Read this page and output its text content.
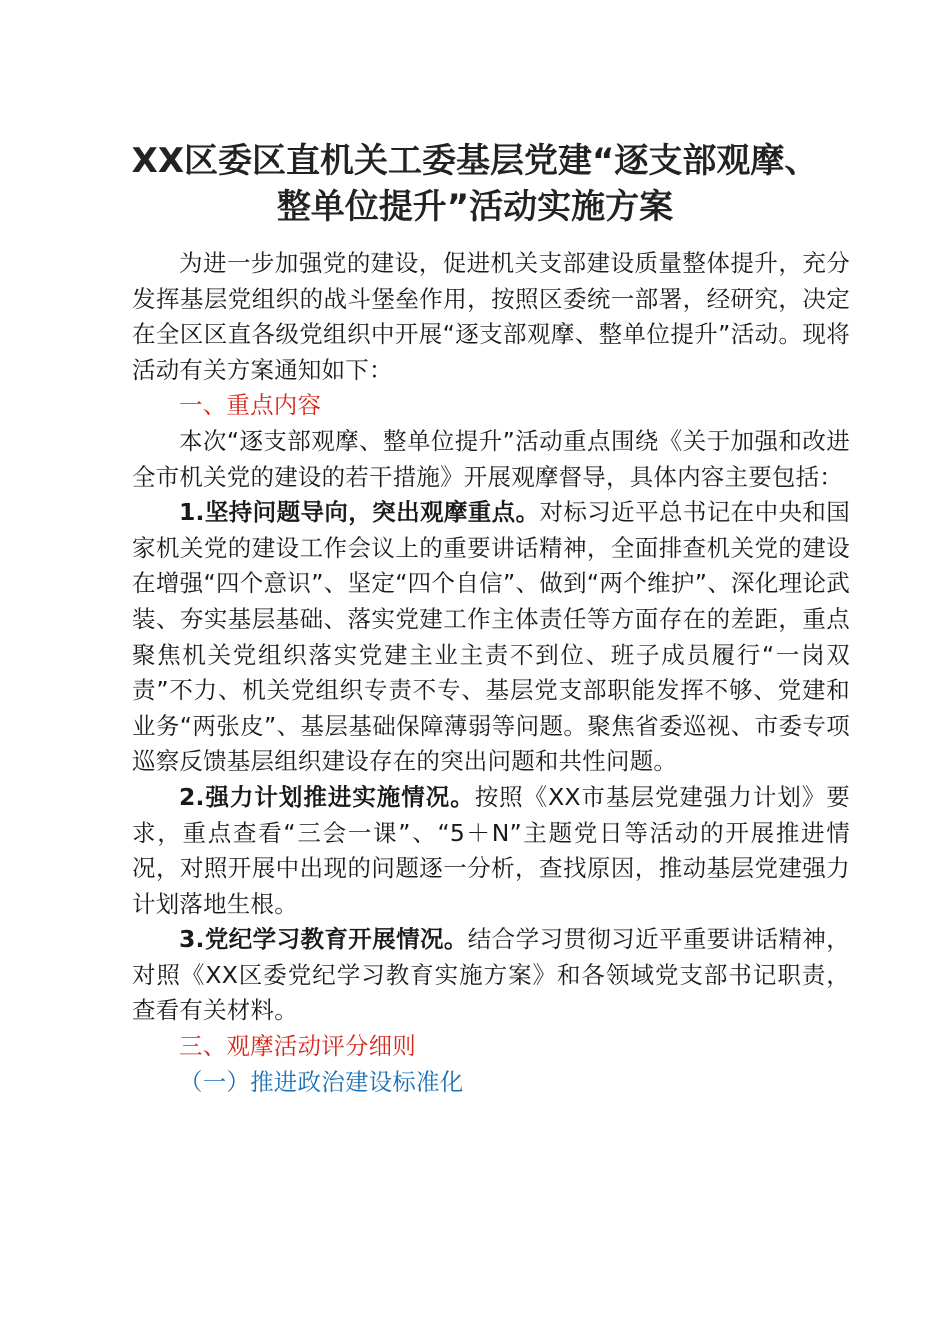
XX区委区直机关工委基层党建“逐支部观摩、
整单位提升”活动实施方案

为进一步加强党的建设，促进机关支部建设质量整体提升，充分发挥基层党组织的战斗堡垒作用，按照区委统一部署，经研究，决定在全区区直各级党组织中开展“逐支部观摩、整单位提升”活动。现将活动有关方案通知如下：

一、重点内容

本次“逐支部观摩、整单位提升”活动重点围绕《关于加强和改进全市机关党的建设的若干措施》开展观摩督导，具体内容主要包括：

1.坚持问题导向，突出观摩重点。对标习近平总书记在中央和国家机关党的建设工作会议上的重要讲话精神，全面排查机关党的建设在增强“四个意识”、坚定“四个自信”、做到“两个维护”、深化理论武装、夯实基层基础、落实党建工作主体责任等方面存在的差距，重点聚焦机关党组织落实党建主业主责不到位、班子成员履行“一岗双责”不力、机关党组织专责不专、基层党支部职能发挥不够、党建和业务“两张皮”、基层基础保障薄弱等问题。聚焦省委巡视、市委专项巡察反馈基层组织建设存在的突出问题和共性问题。

2.强力计划推进实施情况。按照《XX市基层党建强力计划》要求，重点查看“三会一课”、“5＋N”主题党日等活动的开展推进情况，对照开展中出现的问题逐一分析，查找原因，推动基层党建强力计划落地生根。

3.党纪学习教育开展情况。结合学习贯彻习近平重要讲话精神，对照《XX区委党纪学习教育实施方案》和各领域党支部书记职责，查看有关材料。

三、观摩活动评分细则

（一）推进政治建设标准化
